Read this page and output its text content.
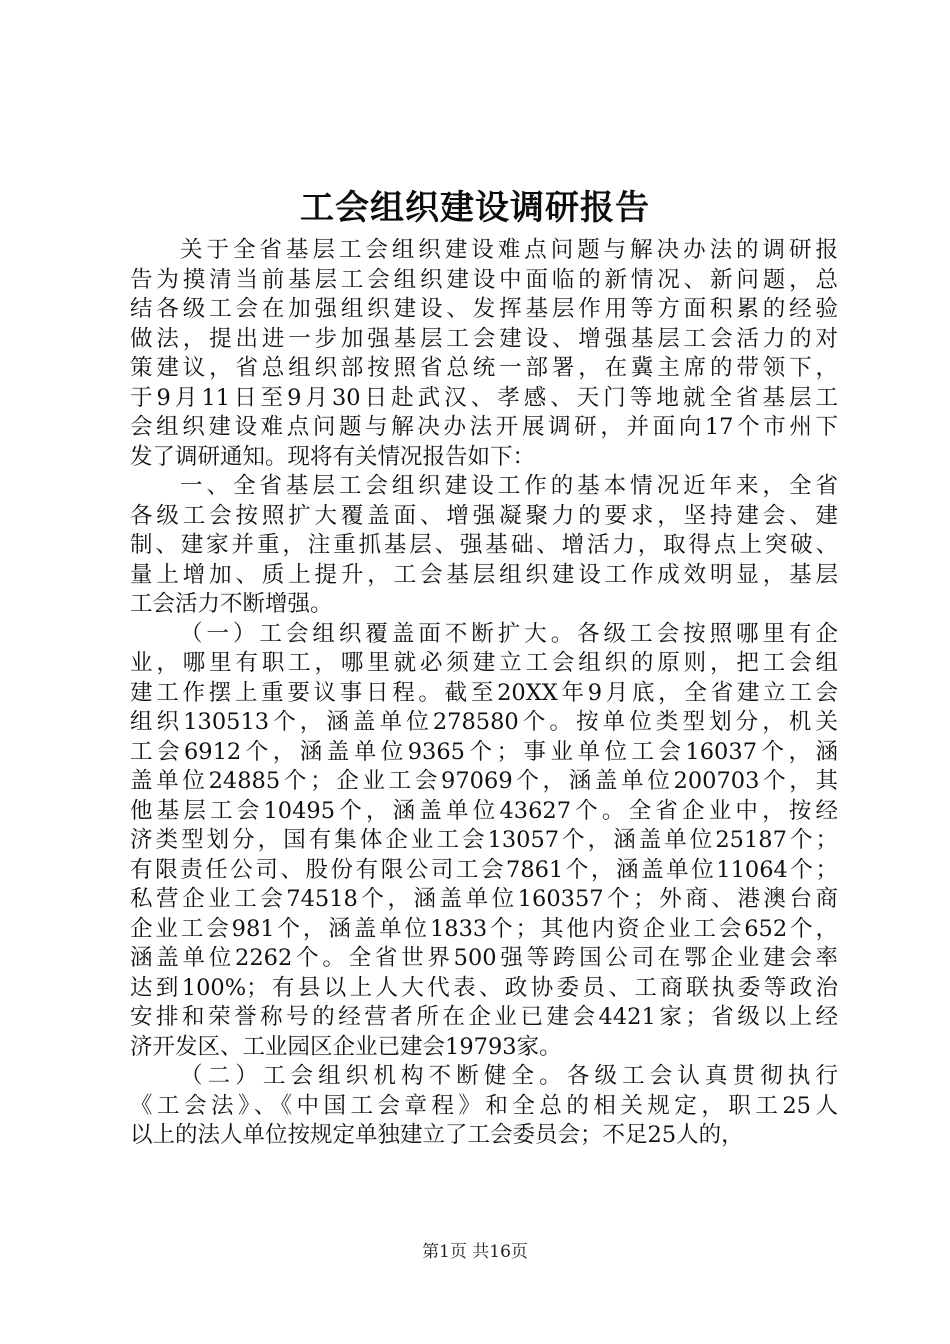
工会组织建设调研报告
关于全省基层工会组织建设难点问题与解决办法的调研报
告为摸清当前基层工会组织建设中面临的新情况、新问题，总
结各级工会在加强组织建设、发挥基层作用等方面积累的经验
做法，提出进一步加强基层工会建设、增强基层工会活力的对
策建议，省总组织部按照省总统一部署，在冀主席的带领下，
于9月11日至9月30日赴武汉、孝感、天门等地就全省基层工
会组织建设难点问题与解决办法开展调研，并面向17个市州下
发了调研通知。现将有关情况报告如下：
一、全省基层工会组织建设工作的基本情况近年来，全省
各级工会按照扩大覆盖面、增强凝聚力的要求，坚持建会、建
制、建家并重，注重抓基层、强基础、增活力，取得点上突破、
量上增加、质上提升，工会基层组织建设工作成效明显，基层
工会活力不断增强。
（一）工会组织覆盖面不断扩大。各级工会按照哪里有企
业，哪里有职工，哪里就必须建立工会组织的原则，把工会组
建工作摆上重要议事日程。截至20XX年9月底，全省建立工会
组织130513个，涵盖单位278580个。按单位类型划分，机关
工会6912个，涵盖单位9365个；事业单位工会16037个，涵
盖单位24885个；企业工会97069个，涵盖单位200703个，其
他基层工会10495个，涵盖单位43627个。全省企业中，按经
济类型划分，国有集体企业工会13057个，涵盖单位25187个；
有限责任公司、股份有限公司工会7861个，涵盖单位11064个；
私营企业工会74518个，涵盖单位160357个；外商、港澳台商
企业工会981个，涵盖单位1833个；其他内资企业工会652个，
涵盖单位2262个。全省世界500强等跨国公司在鄂企业建会率
达到100%；有县以上人大代表、政协委员、工商联执委等政治
安排和荣誉称号的经营者所在企业已建会4421家；省级以上经
济开发区、工业园区企业已建会19793家。
（二）工会组织机构不断健全。各级工会认真贯彻执行
《工会法》、《中国工会章程》和全总的相关规定，职工25人
以上的法人单位按规定单独建立了工会委员会；不足25人的，
第1页 共16页
